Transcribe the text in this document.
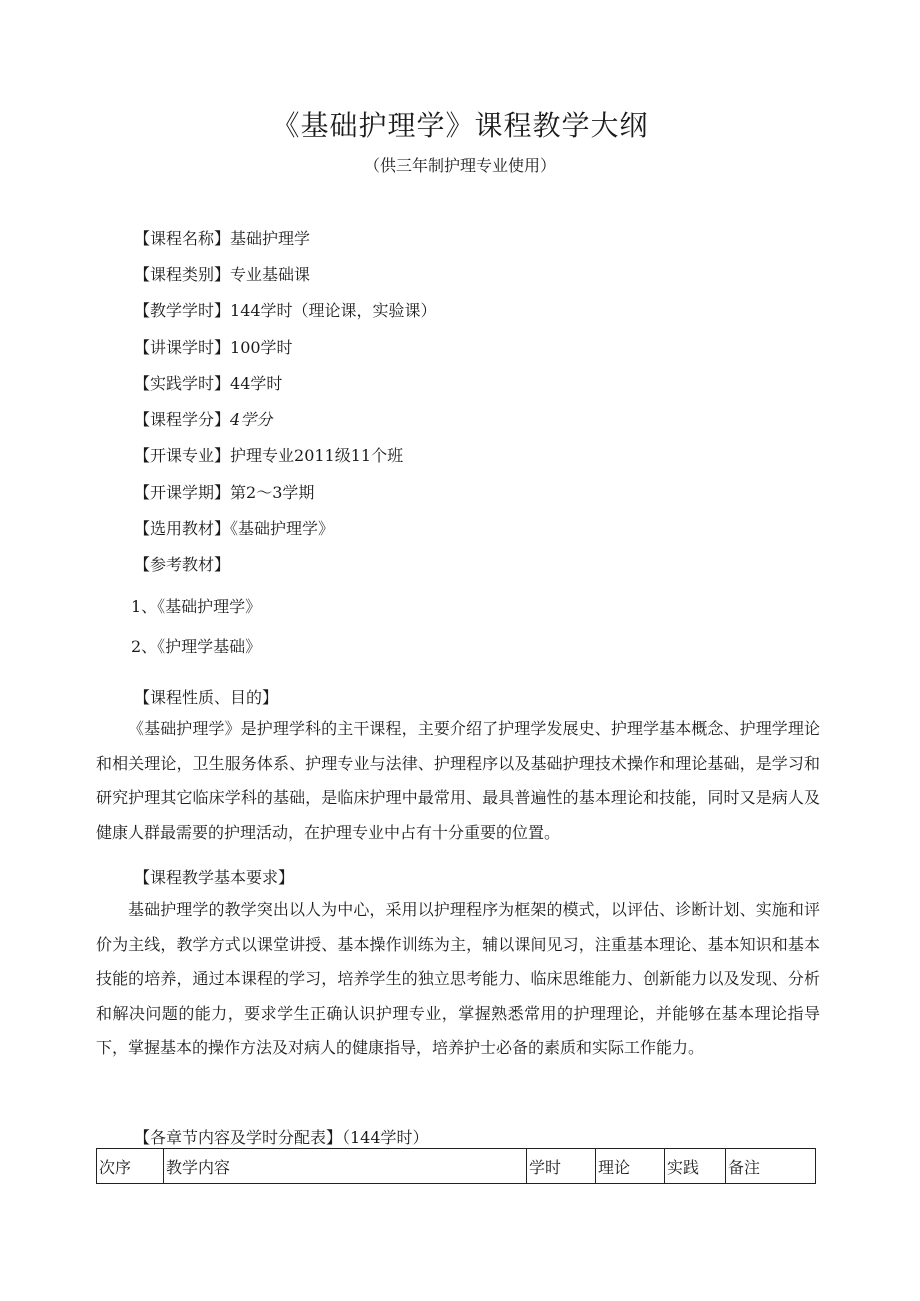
《基础护理学》课程教学大纲
（供三年制护理专业使用）
【课程名称】基础护理学
【课程类别】专业基础课
【教学学时】144学时（理论课，实验课）
【讲课学时】100学时
【实践学时】44学时
【课程学分】4学分
【开课专业】护理专业2011级11个班
【开课学期】第2～3学期
【选用教材】《基础护理学》
【参考教材】
1、《基础护理学》
2、《护理学基础》
【课程性质、目的】
《基础护理学》是护理学科的主干课程，主要介绍了护理学发展史、护理学基本概念、护理学理论和相关理论，卫生服务体系、护理专业与法律、护理程序以及基础护理技术操作和理论基础，是学习和研究护理其它临床学科的基础，是临床护理中最常用、最具普遍性的基本理论和技能，同时又是病人及健康人群最需要的护理活动，在护理专业中占有十分重要的位置。
【课程教学基本要求】
基础护理学的教学突出以人为中心，采用以护理程序为框架的模式，以评估、诊断计划、实施和评价为主线，教学方式以课堂讲授、基本操作训练为主，辅以课间见习，注重基本理论、基本知识和基本技能的培养，通过本课程的学习，培养学生的独立思考能力、临床思维能力、创新能力以及发现、分析和解决问题的能力，要求学生正确认识护理专业，掌握熟悉常用的护理理论，并能够在基本理论指导下，掌握基本的操作方法及对病人的健康指导，培养护士必备的素质和实际工作能力。
【各章节内容及学时分配表】（144学时）
次序	教学内容	学时	理论	实践	备注
